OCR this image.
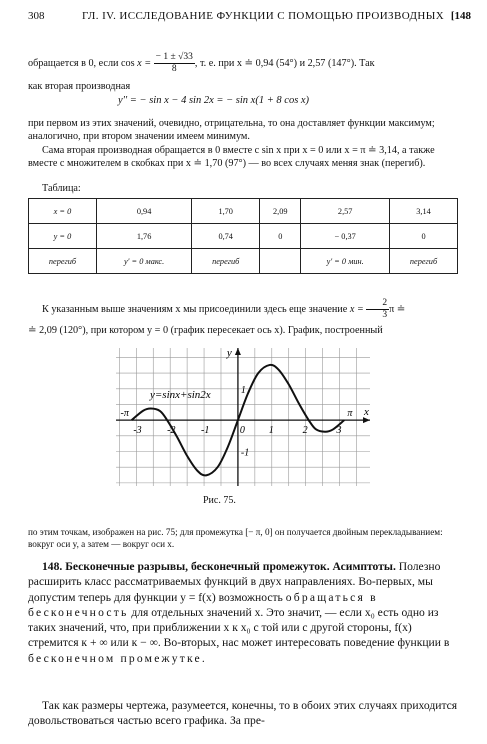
308	ГЛ. IV. ИССЛЕДОВАНИЕ ФУНКЦИИ С ПОМОЩЬЮ ПРОИЗВОДНЫХ [148

обращается в 0, если $\cos x = \frac{- 1 \pm √33}{8}$ , т. е. при x ≐ 0,94 (54°) и 2,57 (147°). Так

как вторая производная

y'' = − sin x − 4 sin 2x = − sin x(1 + 8 cos x)

при первом из этих значений, очевидно, отрицательна, то она доставляет функции максимум; аналогично, при втором значении имеем минимум.

Сама вторая производная обращается в 0 вместе с sin x при x = 0 или x = π ≐ 3,14, а также вместе с множителем в скобках при x ≐ 1,70 (97°) — во всех случаях меняя знак (перегиб).

Таблица:

x = 0	0,94	1,70	2,09	2,57	3,14
y = 0	1,76	0,74	0	− 0,37	0
перегиб	y' = 0 макс.	перегиб		y' = 0 мин.	перегиб

К указанным выше значениям x мы присоединили здесь еще значение $x = \frac{2}{3}$ π ≐

≐ 2,09 (120°), при котором y = 0 (график пересекает ось x). График, построенный

-3	-2	-1	1	2	3
0
1
-1
-π	π
y=sinx+sin2x
y
x
Рис. 75.

по этим точкам, изображен на рис. 75; для промежутка [− π, 0] он получается двойным перекладыванием: вокруг оси y, а затем — вокруг оси x.

148. Бесконечные разрывы, бесконечный промежуток. Асимптоты. Полезно расширить класс рассматриваемых функций в двух направлениях. Во-первых, мы допустим теперь для функции y = f(x) возможность обращаться в бесконечность для отдельных значений x. Это значит, — если x₀ есть одно из таких значений, что, при приближении x к x₀ с той или с другой стороны, f(x) стремится к + ∞ или к − ∞. Во-вторых, нас может интересовать поведение функции в бесконечном промежутке.

Так как размеры чертежа, разумеется, конечны, то в обоих этих случаях приходится довольствоваться частью всего графика. За пре-
